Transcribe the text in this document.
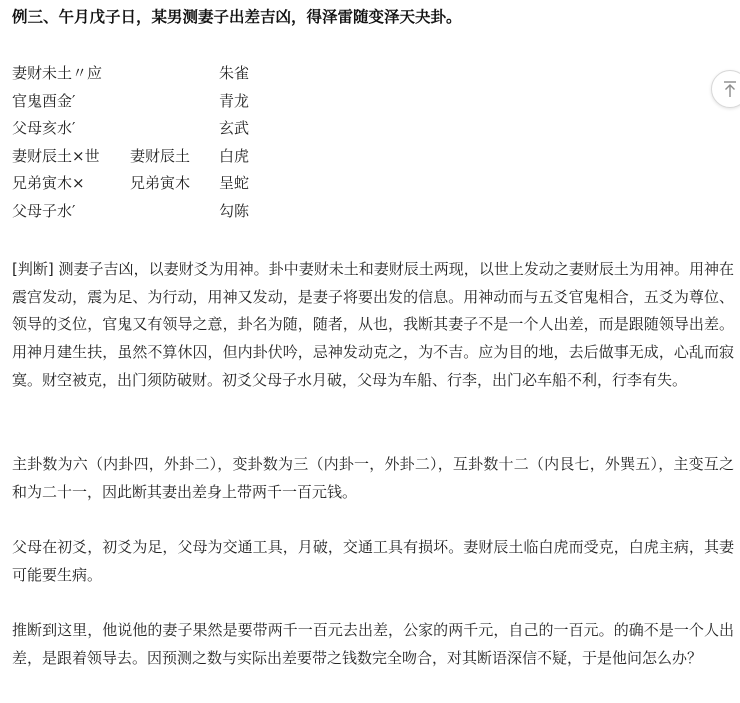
例三、午月戊子日，某男测妻子出差吉凶，得泽雷随变泽天夬卦。
妻财未土〃应	朱雀
官鬼酉金′	青龙
父母亥水′	玄武
妻财辰土×世 妻财辰土 白虎
兄弟寅木×	兄弟寅木 呈蛇
父母子水′	勾陈

[判断] 测妻子吉凶，以妻财爻为用神。卦中妻财未土和妻财辰土两现，以世上发动之妻财辰土为用神。用神在震宫发动，震为足、为行动，用神又发动，是妻子将要出发的信息。用神动而与五爻官鬼相合，五爻为尊位、领导的爻位，官鬼又有领导之意，卦名为随，随者，从也，我断其妻子不是一个人出差，而是跟随领导出差。用神月建生扶，虽然不算休囚，但内卦伏吟，忌神发动克之，为不吉。应为目的地，去后做事无成，心乱而寂寞。财空被克，出门须防破财。初爻父母子水月破，父母为车船、行李，出门必车船不利，行李有失。

主卦数为六（内卦四，外卦二），变卦数为三（内卦一，外卦二），互卦数十二（内艮七，外巽五），主变互之和为二十一，因此断其妻出差身上带两千一百元钱。

父母在初爻，初爻为足，父母为交通工具，月破，交通工具有损坏。妻财辰土临白虎而受克，白虎主病，其妻可能要生病。

推断到这里，他说他的妻子果然是要带两千一百元去出差，公家的两千元，自己的一百元。的确不是一个人出差，是跟着领导去。因预测之数与实际出差要带之钱数完全吻合，对其断语深信不疑，于是他问怎么办？
